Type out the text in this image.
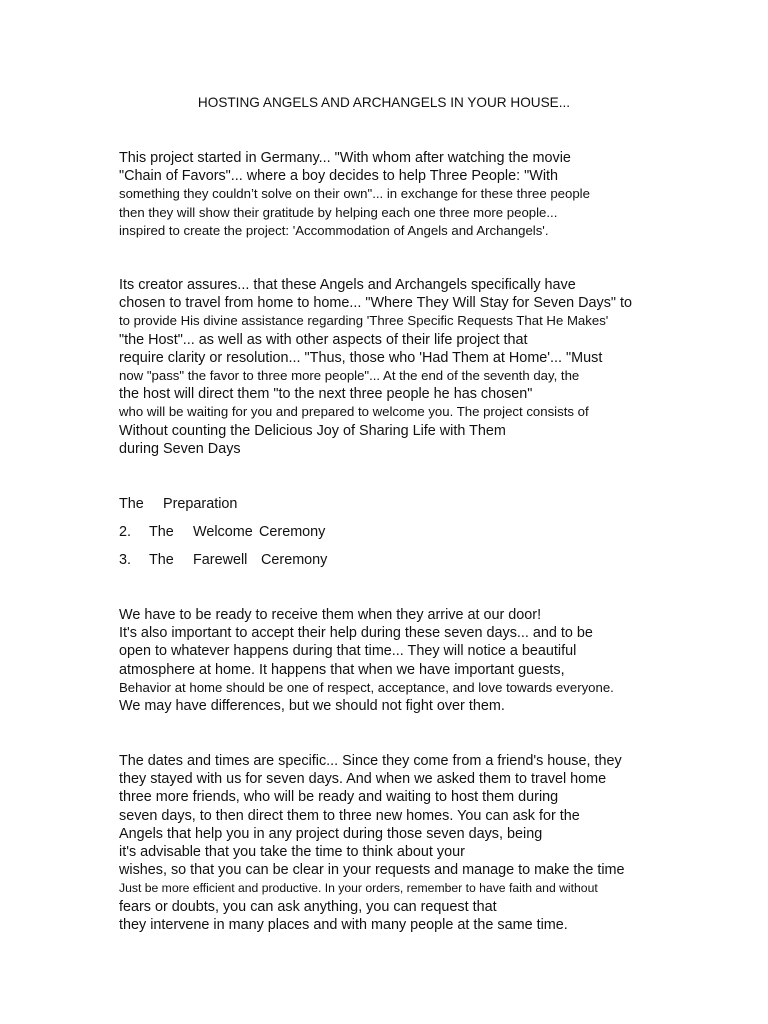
HOSTING ANGELS AND ARCHANGELS IN YOUR HOUSE...
This project started in Germany... "With whom after watching the movie
"Chain of Favors"... where a boy decides to help Three People: "With
something they couldn’t solve on their own"... in exchange for these three people
then they will show their gratitude by helping each one three more people...
inspired to create the project: 'Accommodation of Angels and Archangels'.
Its creator assures... that these Angels and Archangels specifically have
chosen to travel from home to home... "Where They Will Stay for Seven Days" to
to provide His divine assistance regarding 'Three Specific Requests That He Makes'
"the Host"... as well as with other aspects of their life project that
require clarity or resolution... "Thus, those who 'Had Them at Home'... "Must
now "pass" the favor to three more people"... At the end of the seventh day, the
the host will direct them "to the next three people he has chosen"
who will be waiting for you and prepared to welcome you. The project consists of
Without counting the Delicious Joy of Sharing Life with Them
during Seven Days
The Preparation
2. The Welcome Ceremony
3. The Farewell Ceremony
We have to be ready to receive them when they arrive at our door!
It's also important to accept their help during these seven days... and to be
open to whatever happens during that time... They will notice a beautiful
atmosphere at home. It happens that when we have important guests,
Behavior at home should be one of respect, acceptance, and love towards everyone.
We may have differences, but we should not fight over them.
The dates and times are specific... Since they come from a friend's house, they
they stayed with us for seven days. And when we asked them to travel home
three more friends, who will be ready and waiting to host them during
seven days, to then direct them to three new homes. You can ask for the
Angels that help you in any project during those seven days, being
it's advisable that you take the time to think about your
wishes, so that you can be clear in your requests and manage to make the time
Just be more efficient and productive. In your orders, remember to have faith and without
fears or doubts, you can ask anything, you can request that
they intervene in many places and with many people at the same time.
